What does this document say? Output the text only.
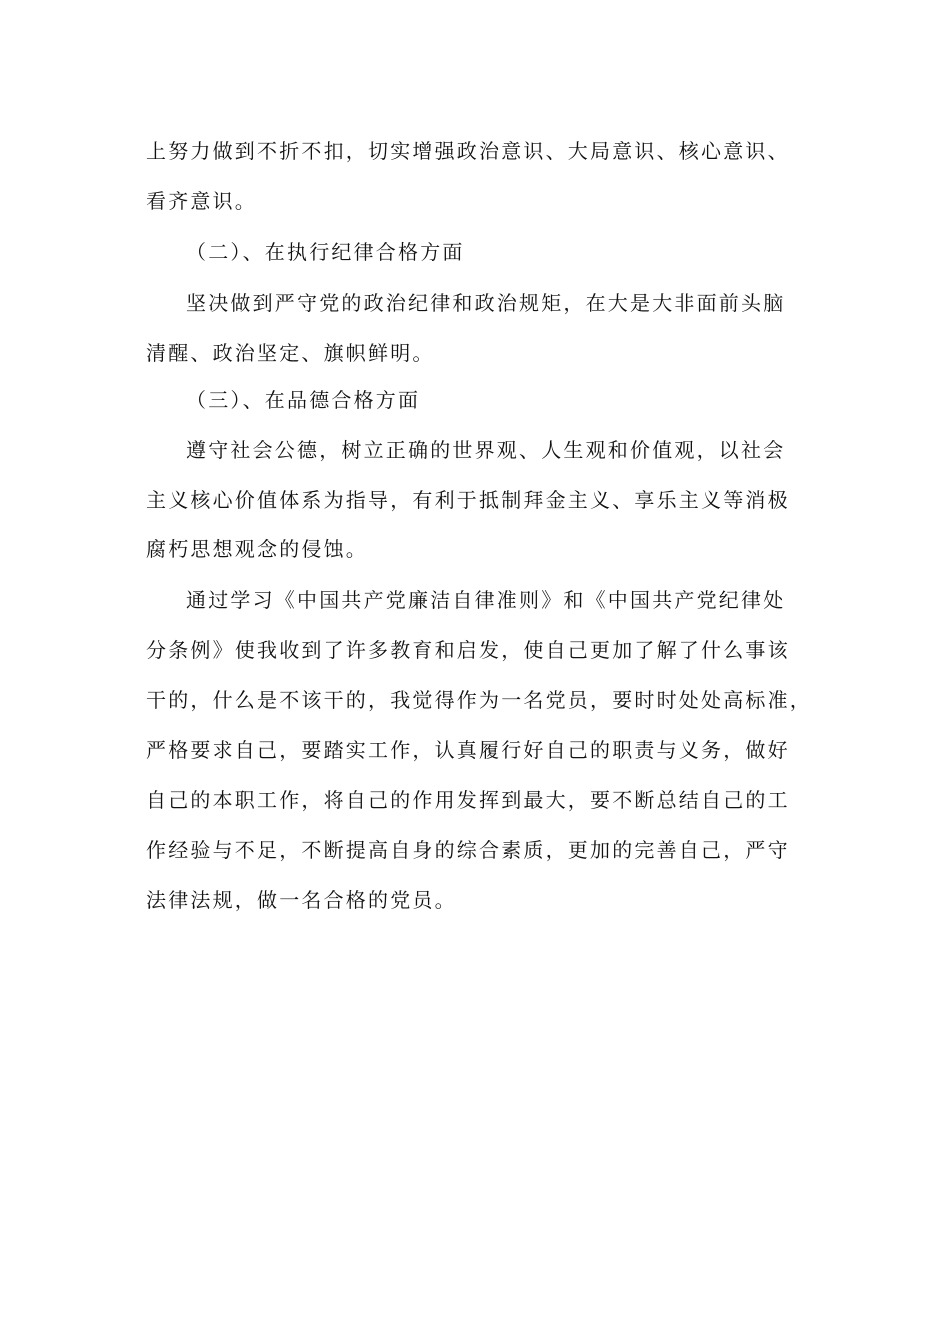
上努力做到不折不扣，切实增强政治意识、大局意识、核心意识、
看齐意识。
（二）、在执行纪律合格方面
坚决做到严守党的政治纪律和政治规矩，在大是大非面前头脑
清醒、政治坚定、旗帜鲜明。
（三）、在品德合格方面
遵守社会公德，树立正确的世界观、人生观和价值观，以社会
主义核心价值体系为指导，有利于抵制拜金主义、享乐主义等消极
腐朽思想观念的侵蚀。
通过学习《中国共产党廉洁自律准则》和《中国共产党纪律处
分条例》使我收到了许多教育和启发，使自己更加了解了什么事该
干的，什么是不该干的，我觉得作为一名党员，要时时处处高标准，
严格要求自己，要踏实工作，认真履行好自己的职责与义务，做好
自己的本职工作，将自己的作用发挥到最大，要不断总结自己的工
作经验与不足，不断提高自身的综合素质，更加的完善自己，严守
法律法规，做一名合格的党员。
